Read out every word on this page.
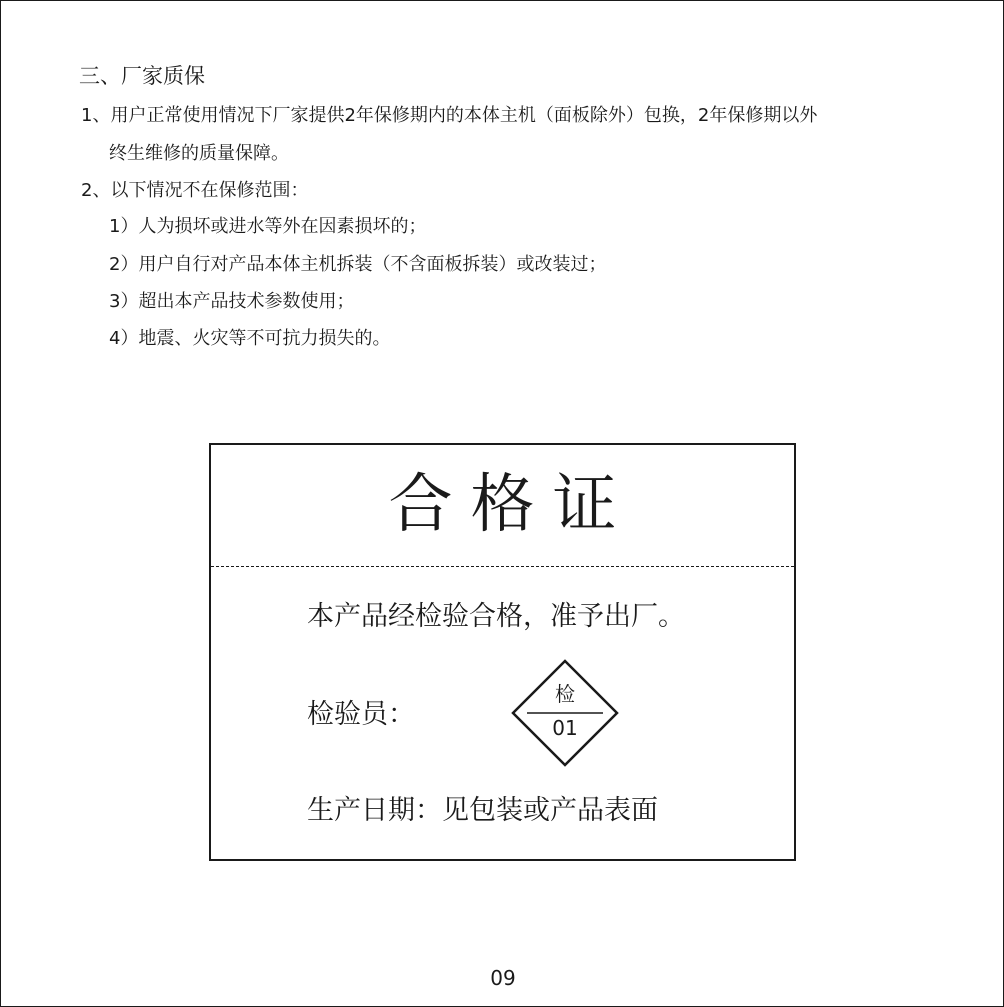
三、厂家质保
1、用户正常使用情况下厂家提供2年保修期内的本体主机（面板除外）包换，2年保修期以外
终生维修的质量保障。
2、以下情况不在保修范围：
1）人为损坏或进水等外在因素损坏的；
2）用户自行对产品本体主机拆装（不含面板拆装）或改装过；
3）超出本产品技术参数使用；
4）地震、火灾等不可抗力损失的。
合格证
本产品经检验合格，准予出厂。
检验员：
检
01
生产日期：见包装或产品表面
09
